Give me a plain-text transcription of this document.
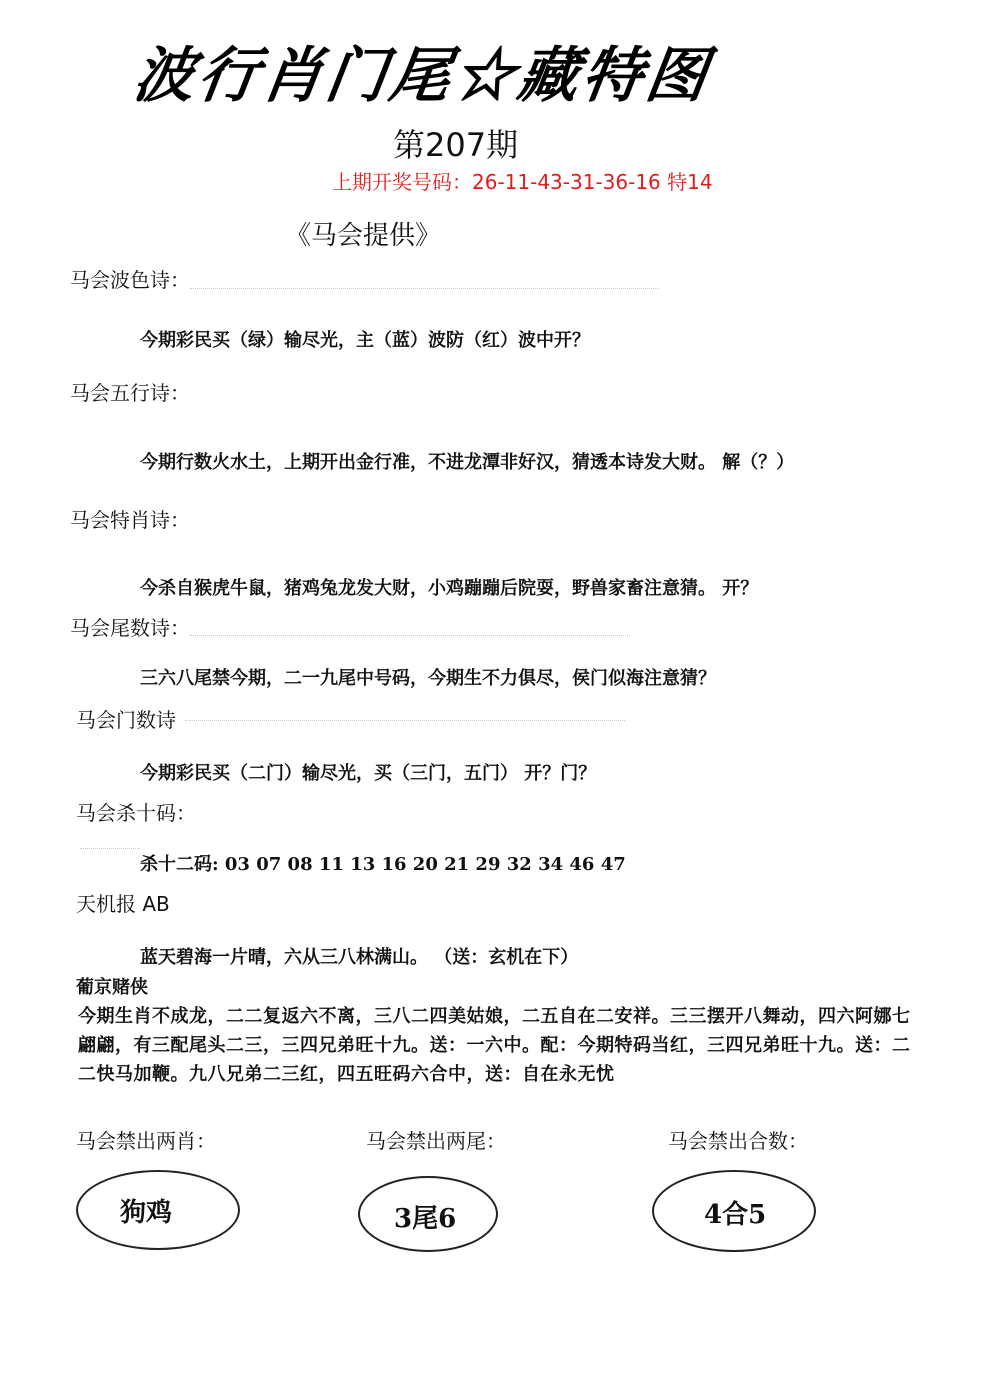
波行肖门尾☆藏特图
第207期
上期开奖号码：26-11-43-31-36-16 特14
《马会提供》
马会波色诗：
今期彩民买（绿）输尽光，主（蓝）波防（红）波中开？
马会五行诗：
今期行数火水土，上期开出金行准，不进龙潭非好汉，猜透本诗发大财。 解（？）
马会特肖诗：
今杀自猴虎牛鼠，猪鸡兔龙发大财，小鸡蹦蹦后院耍，野兽家畜注意猜。 开？
马会尾数诗：
三六八尾禁今期，二一九尾中号码，今期生不力俱尽，侯门似海注意猜？
马会门数诗
今期彩民买（二门）输尽光，买（三门，五门） 开？门？
马会杀十码：
杀十二码: 03 07 08 11 13 16 20 21 29 32 34 46 47
天机报 AB
蓝天碧海一片晴，六从三八林满山。 （送：玄机在下）
葡京赌侠
今期生肖不成龙，二二复返六不离，三八二四美姑娘，二五自在二安祥。三三摆开八舞动，四六阿娜七翩翩，有三配尾头二三，三四兄弟旺十九。送：一六中。配：今期特码当红，三四兄弟旺十九。送：二二快马加鞭。九八兄弟二三红，四五旺码六合中，送：自在永无忧
马会禁出两肖：	马会禁出两尾：	马会禁出合数：
狗鸡	3尾6	4合5
